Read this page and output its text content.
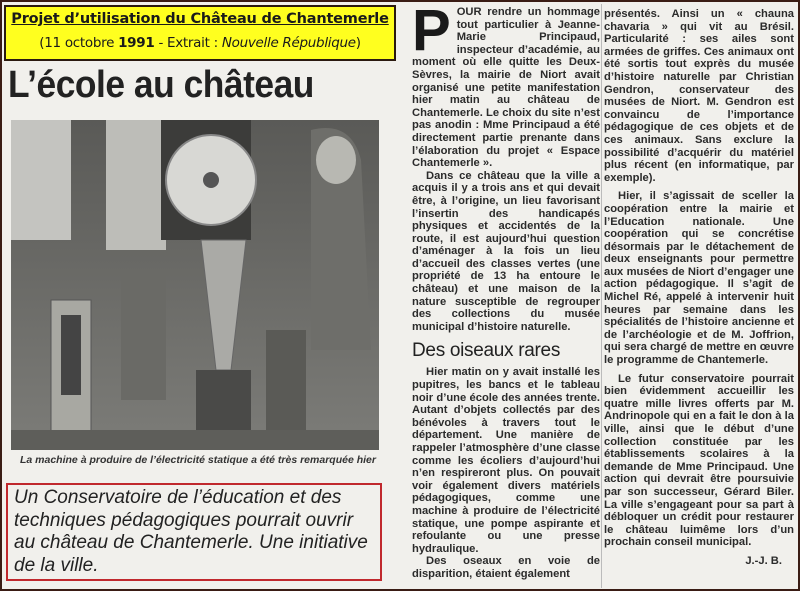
Projet d’utilisation du Château de Chantemerle
(11 octobre 1991 - Extrait : Nouvelle République)
L’école au château
La machine à produire de l’électricité statique a été très remarquée hier
Un Conservatoire de l’éducation et des techniques pédagogiques pourrait ouvrir au château de Chantemerle. Une initiative de la ville.
P OUR rendre un hommage tout particulier à Jeanne-Marie Principaud, inspecteur d’académie, au moment où elle quitte les Deux-Sèvres, la mairie de Niort avait organisé une petite manifestation hier matin au château de Chantemerle. Le choix du site n’est pas anodin : Mme Principaud a été directement partie prenante dans l’élaboration du projet « Espace Chantemerle ».

Dans ce château que la ville a acquis il y a trois ans et qui devait être, à l’origine, un lieu favorisant l’insertin des handicapés physiques et accidentés de la route, il est aujourd’hui question d’aménager à la fois un lieu d’accueil des classes vertes (une propriété de 13 ha entoure le château) et une maison de la nature susceptible de regrouper des collections du musée municipal d’histoire naturelle.

Des oiseaux rares

Hier matin on y avait installé les pupitres, les bancs et le tableau noir d’une école des années trente. Autant d’objets collectés par des bénévoles à travers tout le département. Une manière de rappeler l’atmosphère d’une classe comme les écoliers d’aujourd’hui n’en respireront plus. On pouvait voir également divers matériels pédagogiques, comme une machine à produire de l’électricité statique, une pompe aspirante et refoulante ou une presse hydraulique.

Des oseaux en voie de disparition, étaient également

présentés. Ainsi un « chauna chavaria » qui vit au Brésil. Particularité : ses ailes sont armées de griffes. Ces animaux ont été sortis tout exprès du musée d’histoire naturelle par Christian Gendron, conservateur des musées de Niort. M. Gendron est convaincu de l’importance pédagogique de ces objets et de ces animaux. Sans exclure la possibilité d’acquérir du matériel plus récent (en informatique, par exemple).

Hier, il s’agissait de sceller la coopération entre la mairie et l’Education nationale. Une coopération qui se concrétise désormais par le détachement de deux enseignants pour permettre aux musées de Niort d’engager une action pédagogique. Il s’agit de Michel Ré, appelé à intervenir huit heures par semaine dans les spécialités de l’histoire ancienne et de l’archéologie et de M. Joffrion, qui sera chargé de mettre en œuvre le programme de Chantemerle.

Le futur conservatoire pourrait bien évidemment accueillir les quatre mille livres offerts par M. Andrinopole qui en a fait le don à la ville, ainsi que le début d’une collection constituée par les établissements scolaires à la demande de Mme Principaud. Une action qui devrait être poursuivie par son successeur, Gérard Biler. La ville s’engageant pour sa part à débloquer un crédit pour restaurer le château luimême lors d’un prochain conseil municipal.

J.-J. B.
